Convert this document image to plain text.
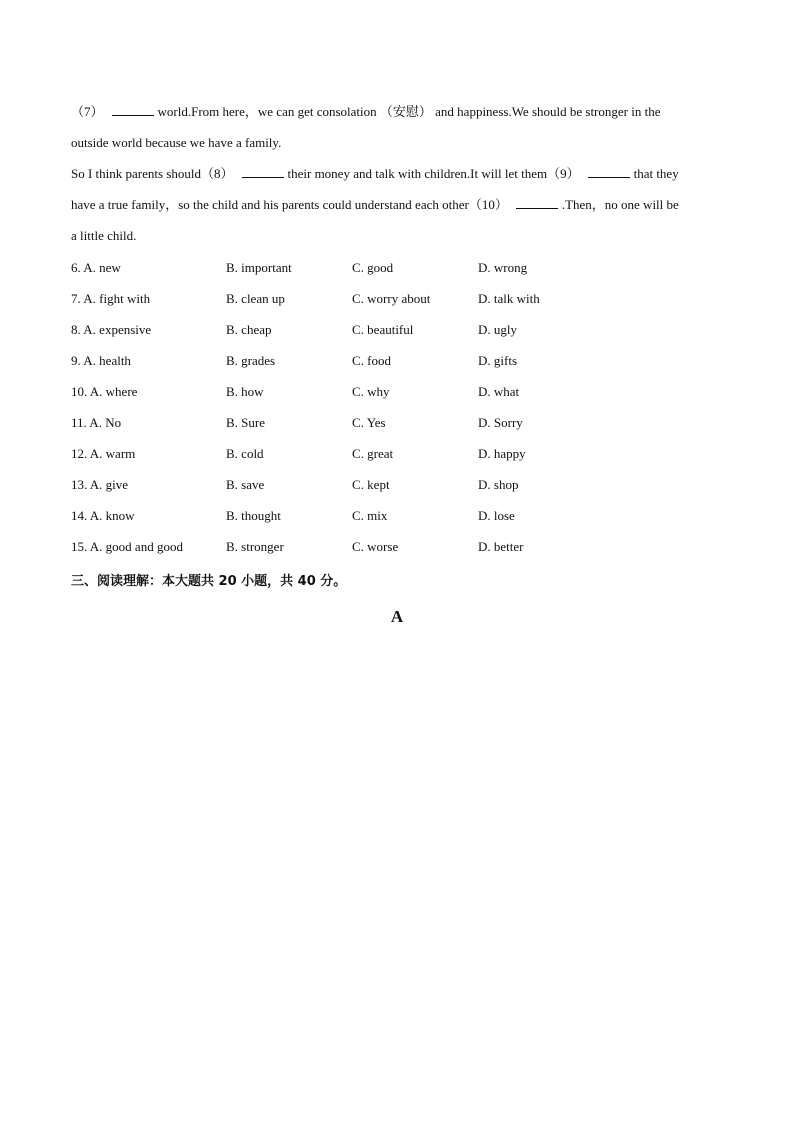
（7）	world.From here，we can get consolation （安慰） and happiness.We should be stronger in the
outside world because we have a family.
So I think parents should（8）	their money and talk with children.It will let them（9）	that they
have a true family，so the child and his parents could understand each other（10）	.Then，no one will be
a little child.
6. A. new	B. important	C. good	D. wrong
7. A. fight with	B. clean up	C. worry about	D. talk with
8. A. expensive	B. cheap	C. beautiful	D. ugly
9. A. health	B. grades	C. food	D. gifts
10. A. where	B. how	C. why	D. what
11. A. No	B. Sure	C. Yes	D. Sorry
12. A. warm	B. cold	C. great	D. happy
13. A. give	B. save	C. kept	D. shop
14. A. know	B. thought	C. mix	D. lose
15. A. good and good	B. stronger	C. worse	D. better
三、阅读理解：本大题共 20 小题，共 40 分。
A
